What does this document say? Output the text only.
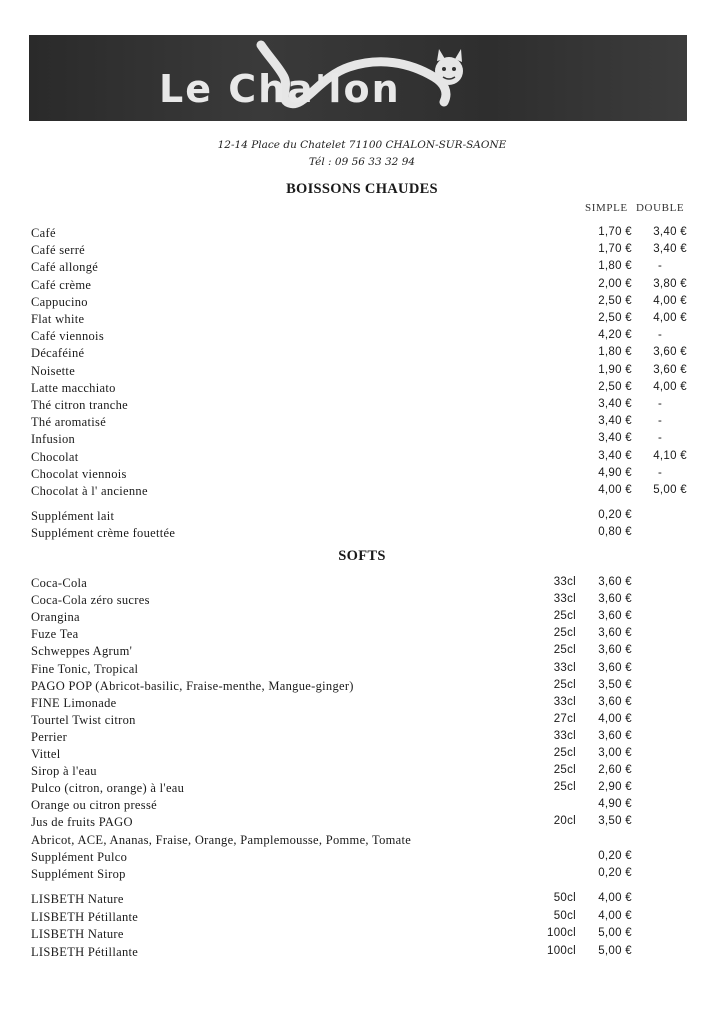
Le Cha'lon
12-14 Place du Chatelet 71100 CHALON-SUR-SAONE
Tél : 09 56 33 32 94
BOISSONS CHAUDES
SIMPLE DOUBLE
Café	1,70 € 3,40 €
Café serré	1,70 € 3,40 €
Café allongé	1,80 € -
Café crème	2,00 € 3,80 €
Cappucino	2,50 € 4,00 €
Flat white	2,50 € 4,00 €
Café viennois	4,20 € -
Décaféiné	1,80 € 3,60 €
Noisette	1,90 € 3,60 €
Latte macchiato	2,50 € 4,00 €
Thé citron tranche	3,40 € -
Thé aromatisé	3,40 € -
Infusion	3,40 € -
Chocolat	3,40 € 4,10 €
Chocolat viennois	4,90 € -
Chocolat à l' ancienne	4,00 € 5,00 €
Supplément lait	0,20 €
Supplément crème fouettée	0,80 €
SOFTS
Coca-Cola	33cl 3,60 €
Coca-Cola zéro sucres	33cl 3,60 €
Orangina	25cl 3,60 €
Fuze Tea	25cl 3,60 €
Schweppes Agrum'	25cl 3,60 €
Fine Tonic, Tropical	33cl 3,60 €
PAGO POP (Abricot-basilic, Fraise-menthe, Mangue-ginger)	25cl 3,50 €
FINE Limonade	33cl 3,60 €
Tourtel Twist citron	27cl 4,00 €
Perrier	33cl 3,60 €
Vittel	25cl 3,00 €
Sirop à l'eau	25cl 2,60 €
Pulco (citron, orange) à l'eau	25cl 2,90 €
Orange ou citron pressé	4,90 €
Jus de fruits PAGO	20cl 3,50 €
Abricot, ACE, Ananas, Fraise, Orange, Pamplemousse, Pomme, Tomate
Supplément Pulco	0,20 €
Supplément Sirop	0,20 €
LISBETH Nature	50cl 4,00 €
LISBETH Pétillante	50cl 4,00 €
LISBETH Nature	100cl 5,00 €
LISBETH Pétillante	100cl 5,00 €
